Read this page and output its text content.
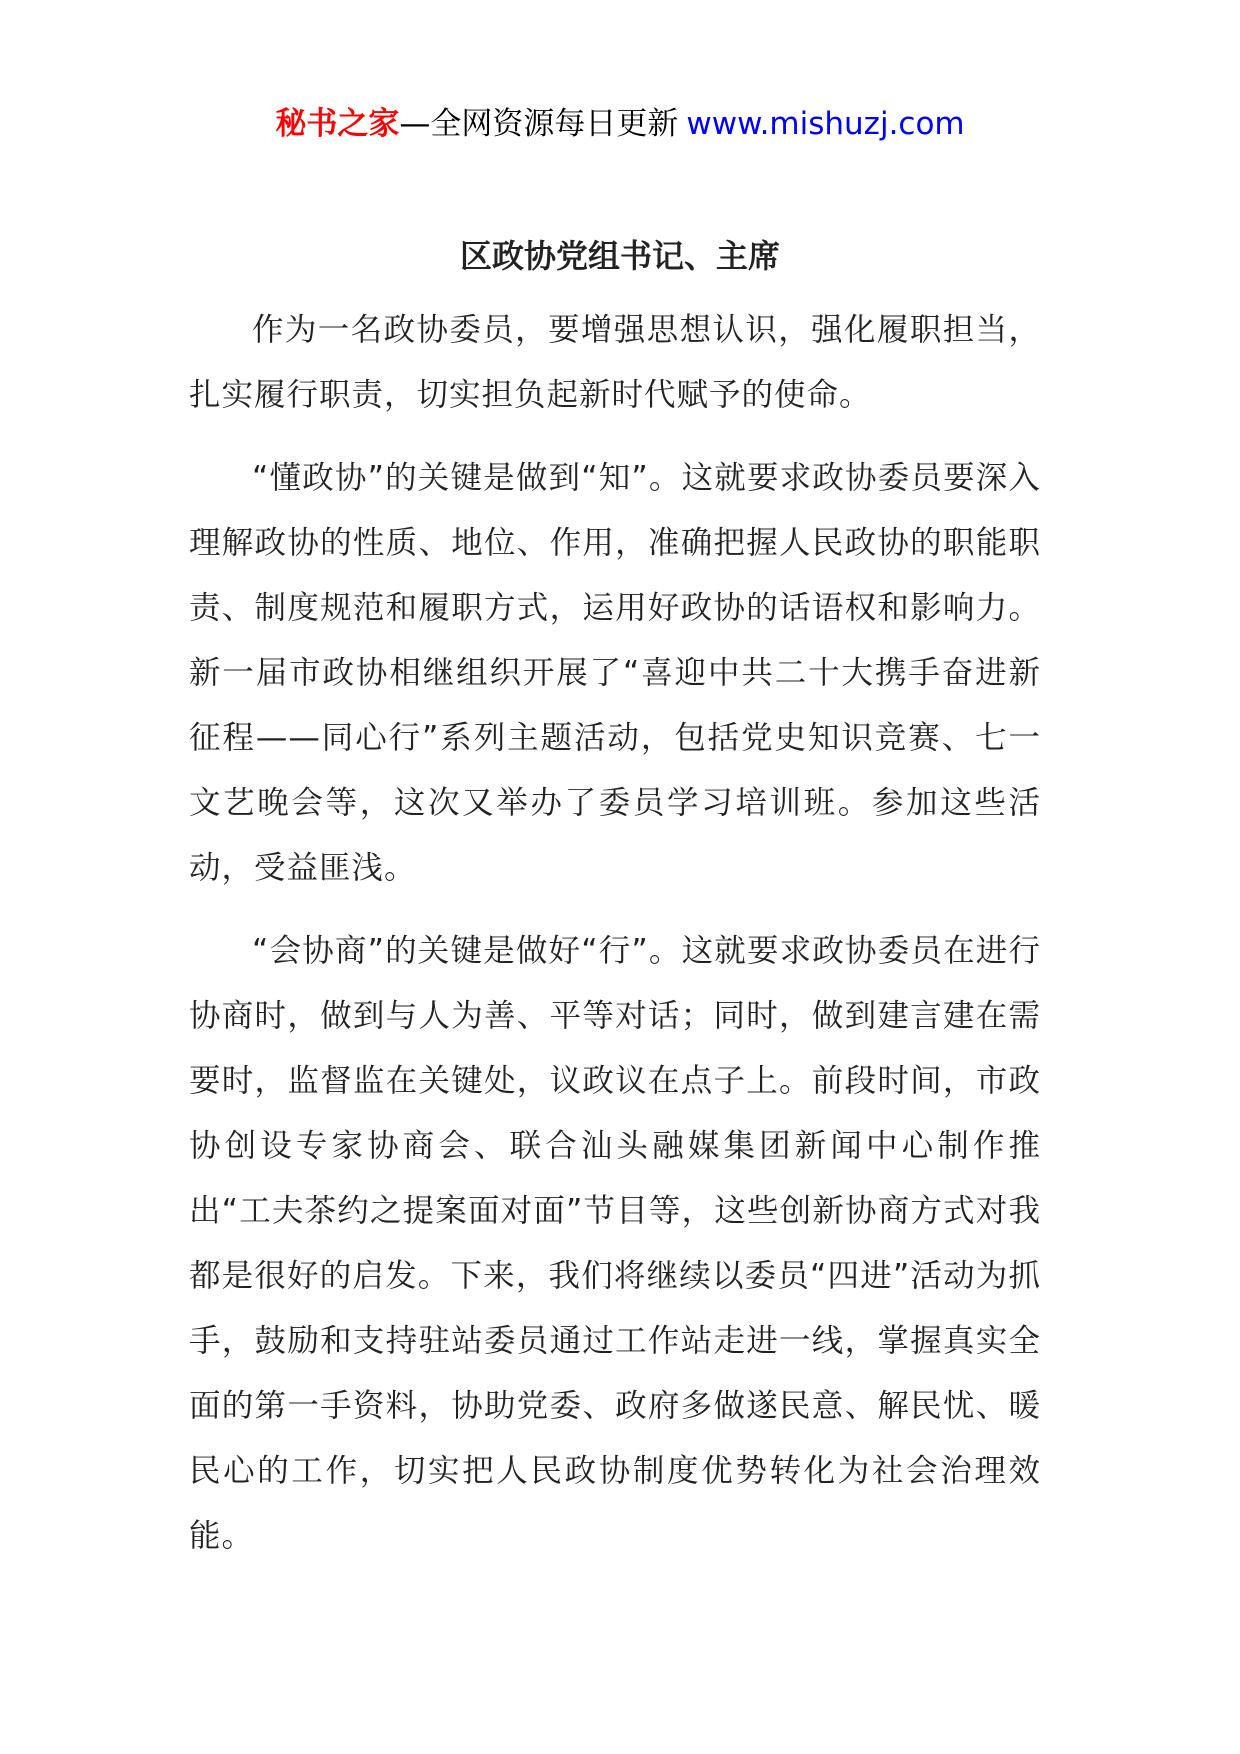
秘书之家—全网资源每日更新 www.mishuzj.com
区政协党组书记、主席

作为一名政协委员，要增强思想认识，强化履职担当，扎实履行职责，切实担负起新时代赋予的使命。

“懂政协”的关键是做到“知”。这就要求政协委员要深入理解政协的性质、地位、作用，准确把握人民政协的职能职责、制度规范和履职方式，运用好政协的话语权和影响力。新一届市政协相继组织开展了“喜迎中共二十大携手奋进新征程——同心行”系列主题活动，包括党史知识竞赛、七一文艺晚会等，这次又举办了委员学习培训班。参加这些活动，受益匪浅。

“会协商”的关键是做好“行”。这就要求政协委员在进行协商时，做到与人为善、平等对话；同时，做到建言建在需要时，监督监在关键处，议政议在点子上。前段时间，市政协创设专家协商会、联合汕头融媒集团新闻中心制作推出“工夫茶约之提案面对面”节目等，这些创新协商方式对我都是很好的启发。下来，我们将继续以委员“四进”活动为抓手，鼓励和支持驻站委员通过工作站走进一线，掌握真实全面的第一手资料，协助党委、政府多做遂民意、解民忧、暖民心的工作，切实把人民政协制度优势转化为社会治理效能。
